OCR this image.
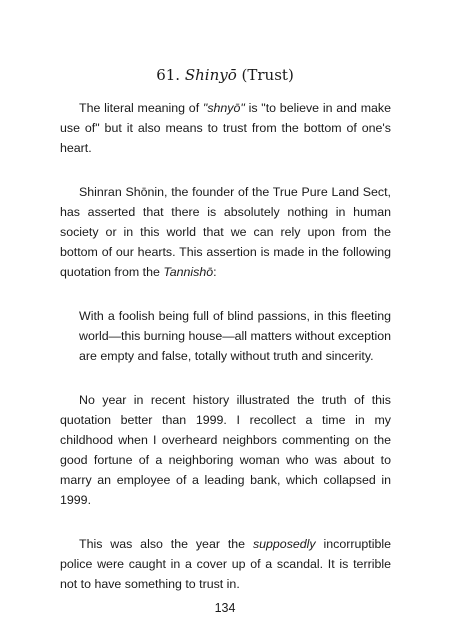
61. Shinyō (Trust)

The literal meaning of "shnyō" is "to believe in and make use of" but it also means to trust from the bottom of one's heart.

Shinran Shōnin, the founder of the True Pure Land Sect, has asserted that there is absolutely nothing in human society or in this world that we can rely upon from the bottom of our hearts. This assertion is made in the following quotation from the Tannishō:

With a foolish being full of blind passions, in this fleeting world—this burning house—all matters without exception are empty and false, totally without truth and sincerity.

No year in recent history illustrated the truth of this quotation better than 1999. I recollect a time in my childhood when I overheard neighbors commenting on the good fortune of a neighboring woman who was about to marry an employee of a leading bank, which collapsed in 1999.

This was also the year the supposedly incorruptible police were caught in a cover up of a scandal. It is terrible not to have something to trust in.

134
